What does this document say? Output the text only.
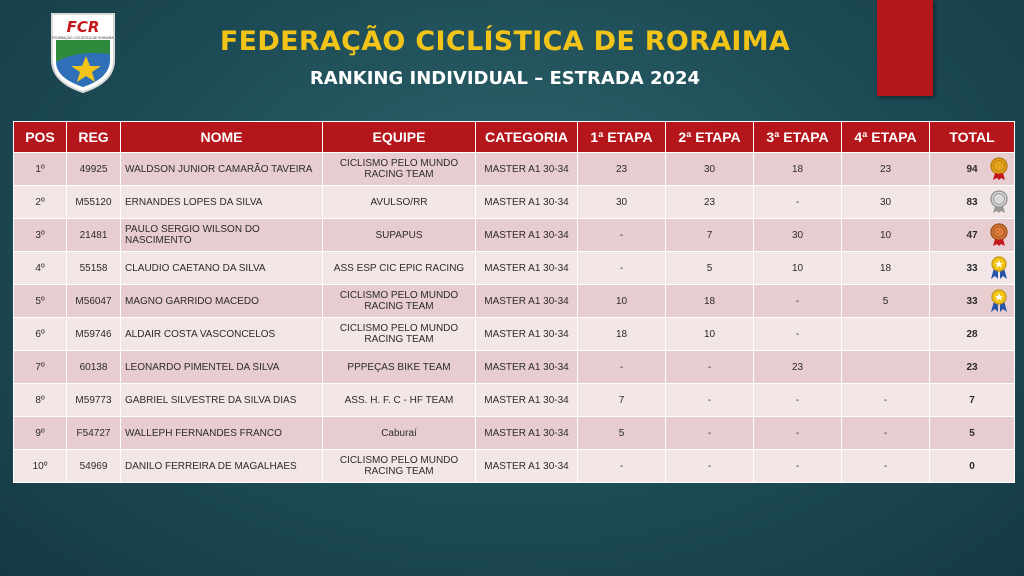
FCR
FEDERAÇÃO CICLÍSTICA DE RORAIMA	FEDERAÇÃO CICLÍSTICA DE RORAIMA
RANKING INDIVIDUAL – ESTRADA 2024
POS	REG	NOME	EQUIPE	CATEGORIA	1ª ETAPA	2ª ETAPA	3ª ETAPA	4ª ETAPA	TOTAL
1º	49925	WALDSON JUNIOR CAMARÃO TAVEIRA	CICLISMO PELO MUNDO RACING TEAM	MASTER A1 30-34	23	30	18	23	94

2º	M55120	ERNANDES LOPES DA SILVA	AVULSO/RR	MASTER A1 30-34	30	23	-	30	83

3º	21481	PAULO SERGIO WILSON DO NASCIMENTO	SUPAPUS	MASTER A1 30-34	-	7	30	10	47

4º	55158	CLAUDIO CAETANO DA SILVA	ASS ESP CIC EPIC RACING	MASTER A1 30-34	-	5	10	18	33

5º	M56047	MAGNO GARRIDO MACEDO	CICLISMO PELO MUNDO RACING TEAM	MASTER A1 30-34	10	18	-	5	33

6º	M59746	ALDAIR COSTA VASCONCELOS	CICLISMO PELO MUNDO RACING TEAM	MASTER A1 30-34	18	10	-		28
7º	60138	LEONARDO PIMENTEL DA SILVA	PPPEÇAS BIKE TEAM	MASTER A1 30-34	-	-	23		23
8º	M59773	GABRIEL SILVESTRE DA SILVA DIAS	ASS. H. F. C - HF TEAM	MASTER A1 30-34	7	-	-	-	7
9º	F54727	WALLEPH FERNANDES FRANCO	Caburaí	MASTER A1 30-34	5	-	-	-	5
10º	54969	DANILO FERREIRA DE MAGALHAES	CICLISMO PELO MUNDO RACING TEAM	MASTER A1 30-34	-	-	-	-	0
